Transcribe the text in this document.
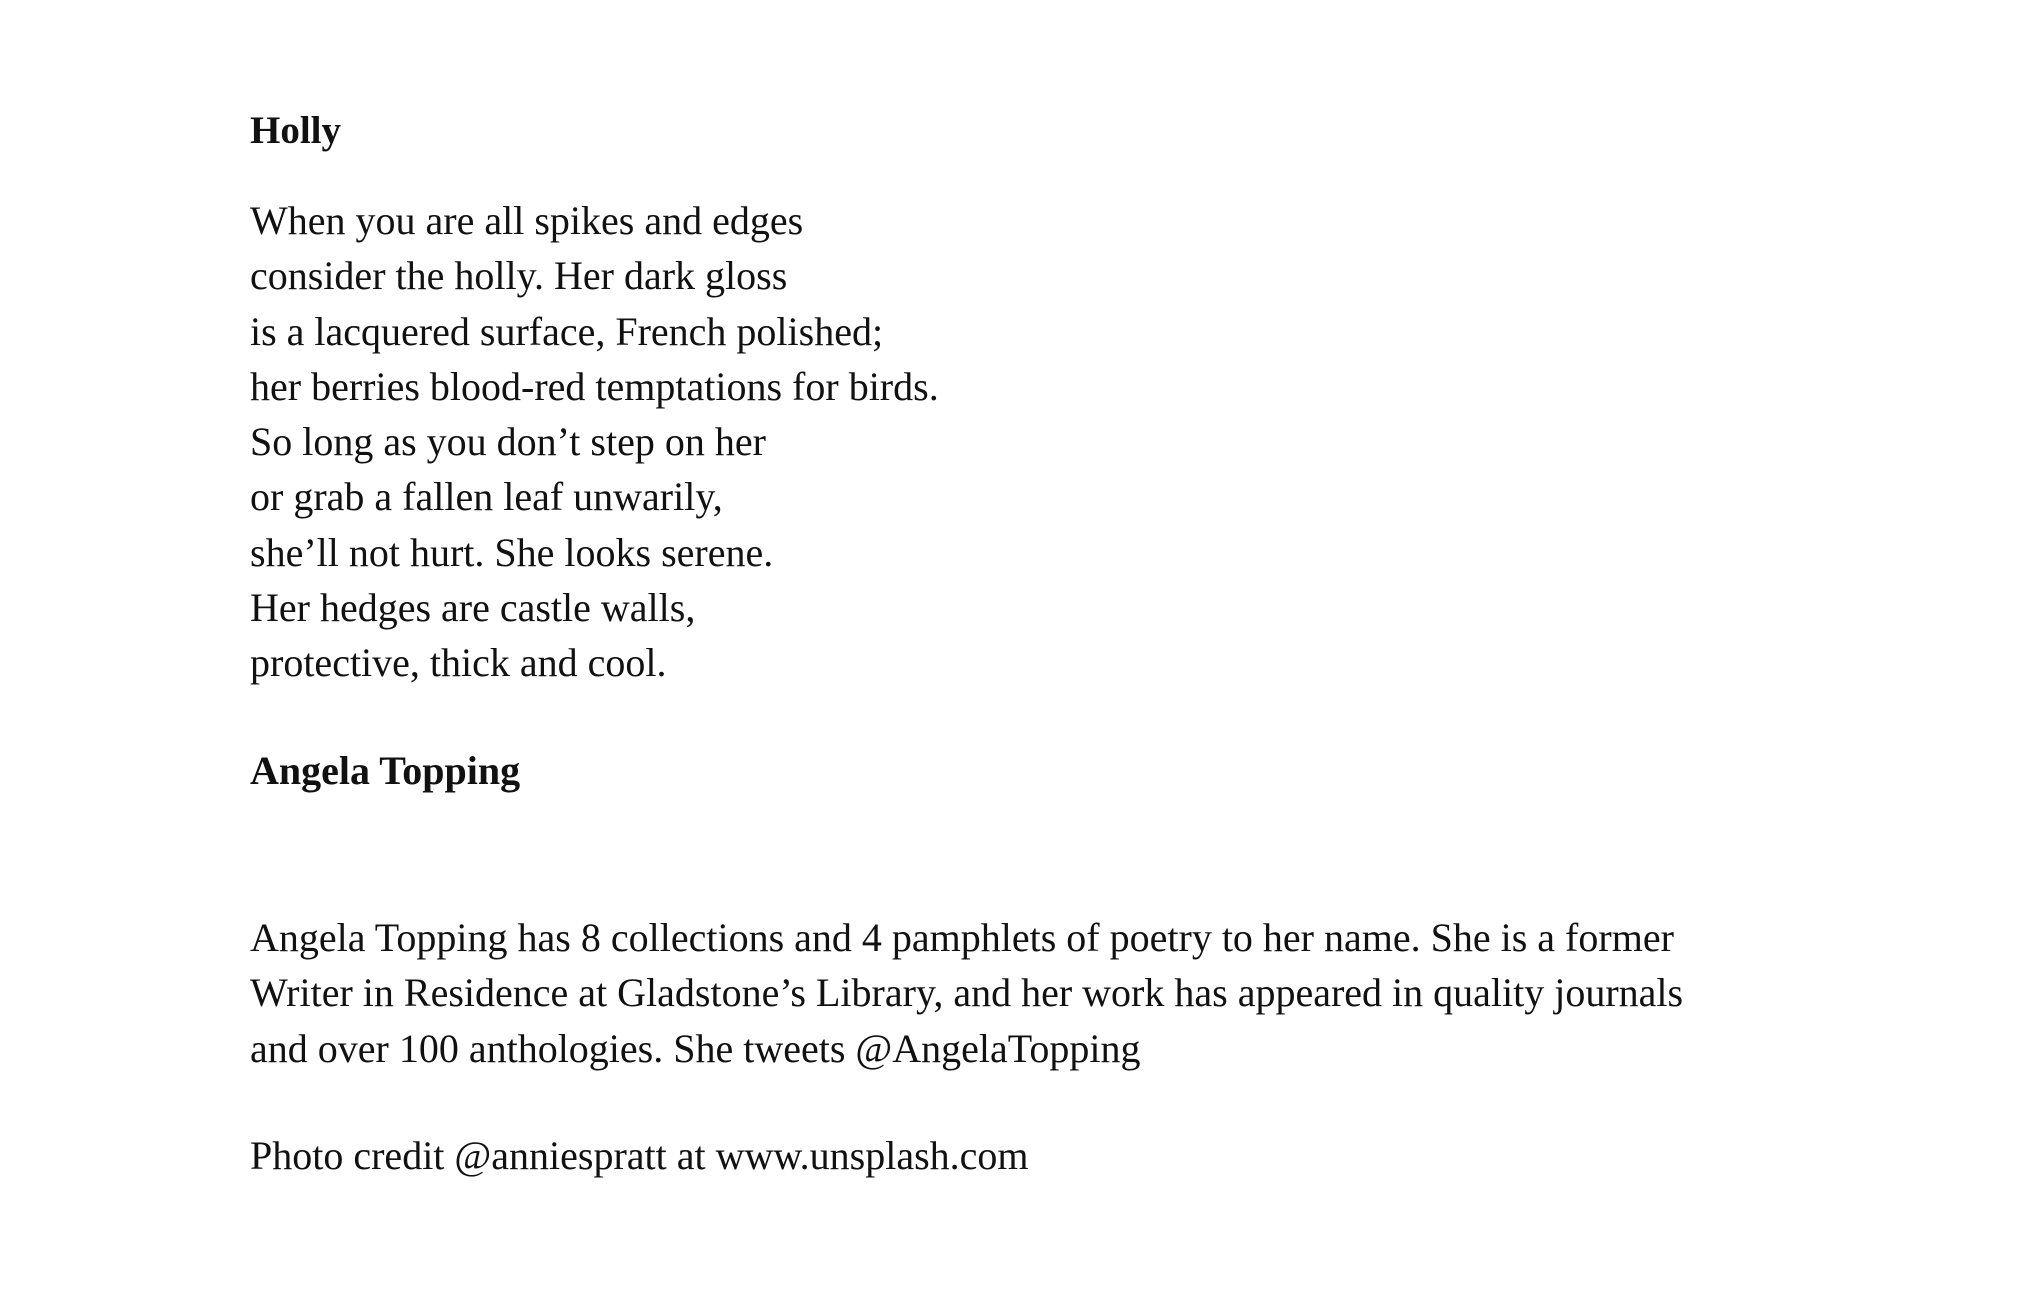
Holly
When you are all spikes and edges
consider the holly. Her dark gloss
is a lacquered surface, French polished;
her berries blood-red temptations for birds.
So long as you don’t step on her
or grab a fallen leaf unwarily,
she’ll not hurt. She looks serene.
Her hedges are castle walls,
protective, thick and cool.
Angela Topping
Angela Topping has 8 collections and 4 pamphlets of poetry to her name. She is a former
Writer in Residence at Gladstone’s Library, and her work has appeared in quality journals
and over 100 anthologies. She tweets @AngelaTopping
Photo credit @anniespratt at www.unsplash.com
